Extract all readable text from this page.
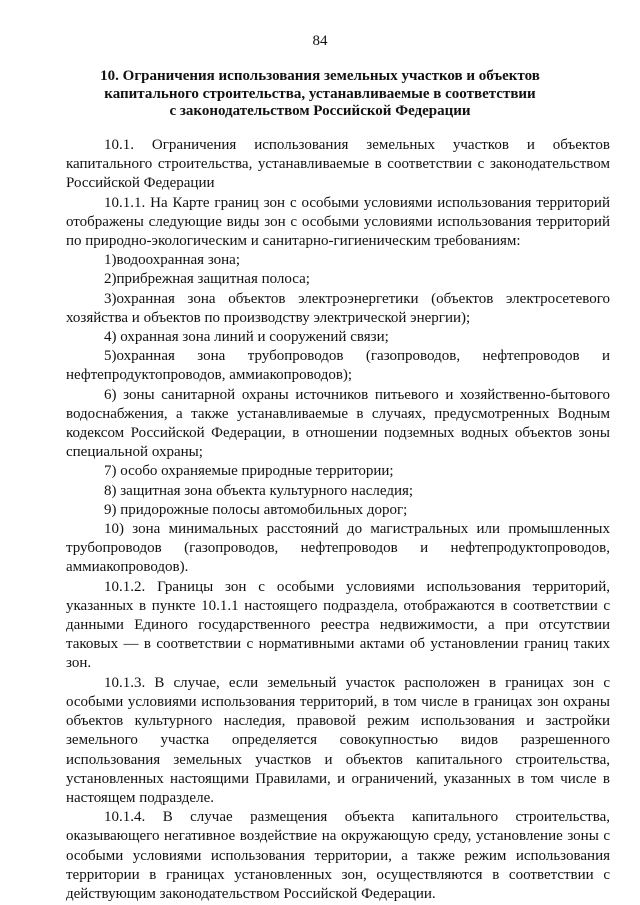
84
10. Ограничения использования земельных участков и объектов
капитального строительства, устанавливаемые в соответствии
с законодательством Российской Федерации

10.1. Ограничения использования земельных участков и объектов капитального строительства, устанавливаемые в соответствии с законодательством Российской Федерации

10.1.1. На Карте границ зон с особыми условиями использования территорий отображены следующие виды зон с особыми условиями использования территорий по природно-экологическим и санитарно-гигиеническим требованиям:

1)водоохранная зона;

2)прибрежная защитная полоса;

3)охранная зона объектов электроэнергетики (объектов электросетевого хозяйства и объектов по производству электрической энергии);

4) охранная зона линий и сооружений связи;

5)охранная зона трубопроводов (газопроводов, нефтепроводов и нефтепродуктопроводов, аммиакопроводов);

6) зоны санитарной охраны источников питьевого и хозяйственно-бытового водоснабжения, а также устанавливаемые в случаях, предусмотренных Водным кодексом Российской Федерации, в отношении подземных водных объектов зоны специальной охраны;

7) особо охраняемые природные территории;

8) защитная зона объекта культурного наследия;

9) придорожные полосы автомобильных дорог;

10) зона минимальных расстояний до магистральных или промышленных трубопроводов (газопроводов, нефтепроводов и нефтепродуктопроводов, аммиакопроводов).

10.1.2. Границы зон с особыми условиями использования территорий, указанных в пункте 10.1.1 настоящего подраздела, отображаются в соответствии с данными Единого государственного реестра недвижимости, а при отсутствии таковых — в соответствии с нормативными актами об установлении границ таких зон.

10.1.3. В случае, если земельный участок расположен в границах зон с особыми условиями использования территорий, в том числе в границах зон охраны объектов культурного наследия, правовой режим использования и застройки земельного участка определяется совокупностью видов разрешенного использования земельных участков и объектов капитального строительства, установленных настоящими Правилами, и ограничений, указанных в том числе в настоящем подразделе.

10.1.4. В случае размещения объекта капитального строительства, оказывающего негативное воздействие на окружающую среду, установление зоны с особыми условиями использования территории, а также режим использования территории в границах установленных зон, осуществляются в соответствии с действующим законодательством Российской Федерации.
